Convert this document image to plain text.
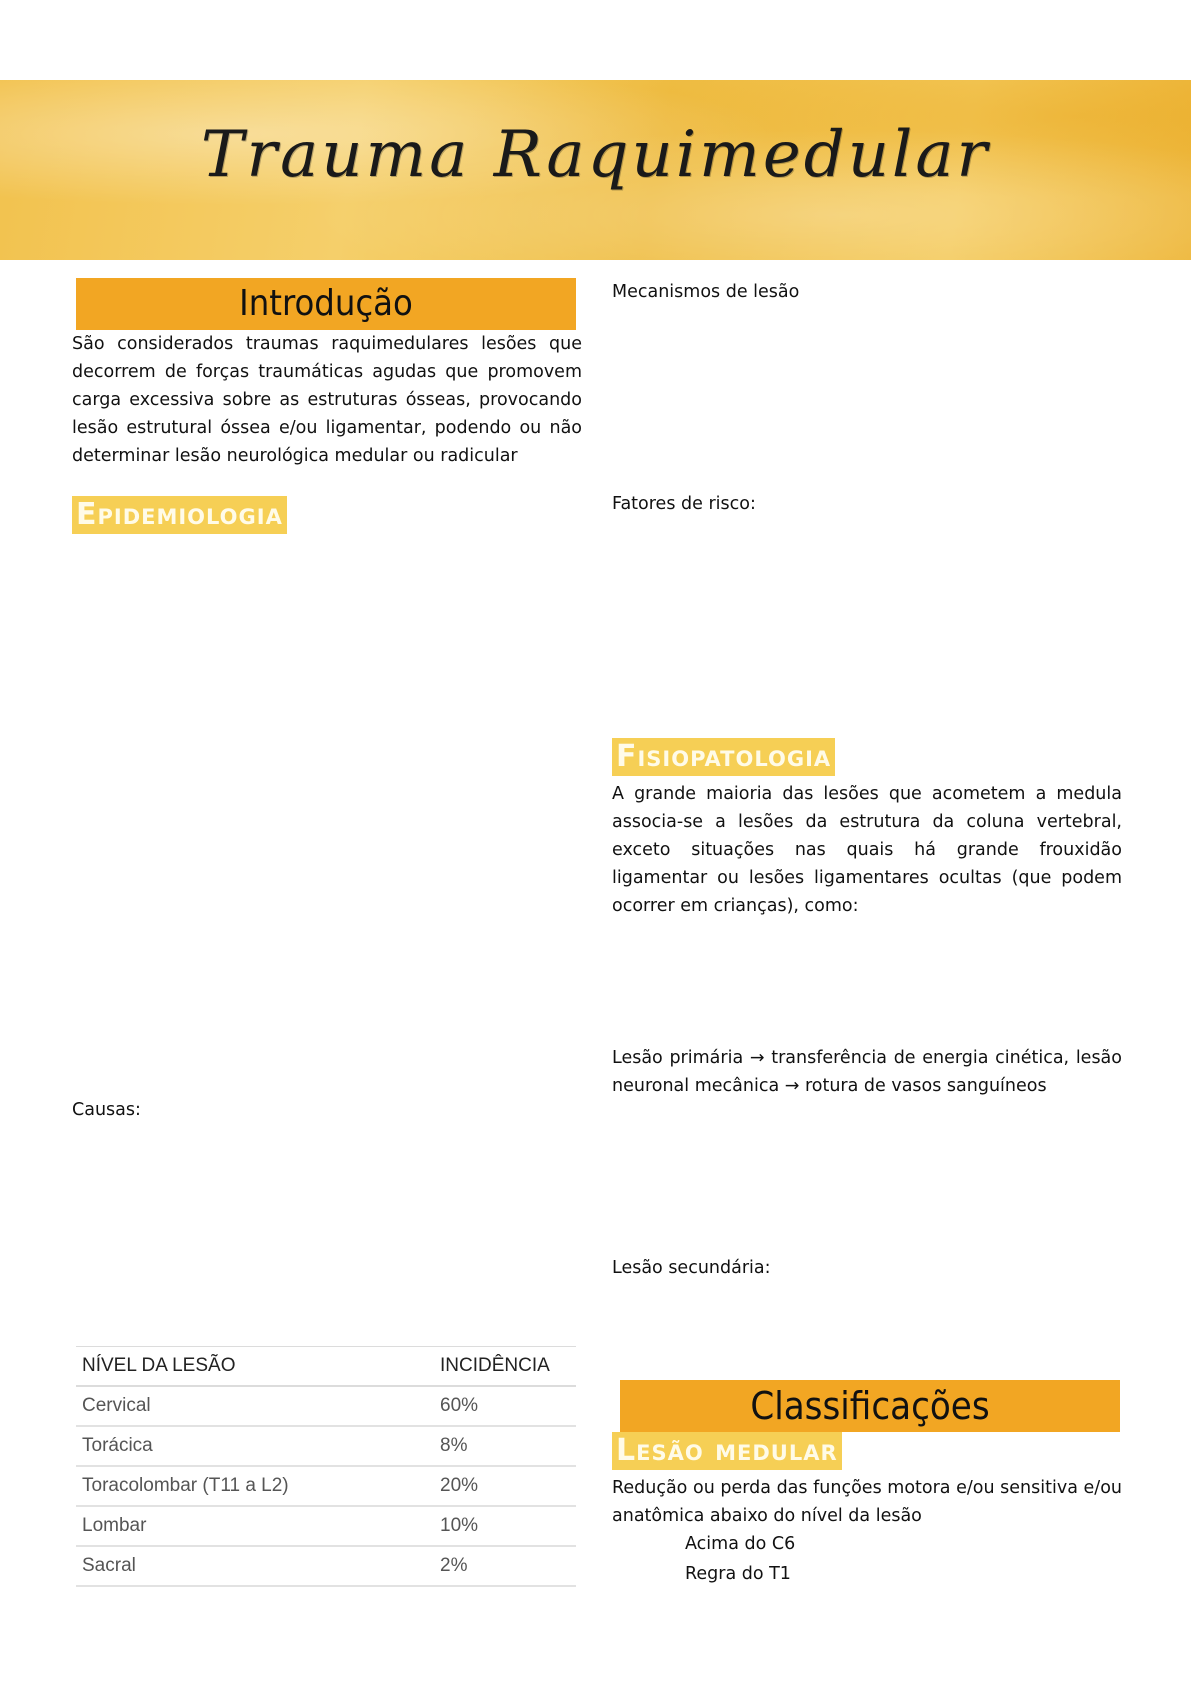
Trauma Raquimedular
Introdução
São considerados traumas raquimedulares lesões que decorrem de forças traumáticas agudas que promovem carga excessiva sobre as estruturas ósseas, provocando lesão estrutural óssea e/ou ligamentar, podendo ou não determinar lesão neurológica medular ou radicular
Epidemiologia
Causas:
NÍVEL DA LESÃO	INCIDÊNCIA
Cervical	60%
Torácica	8%
Toracolombar (T11 a L2)	20%
Lombar	10%
Sacral	2%
Mecanismos de lesão
Fatores de risco:
Fisiopatologia
A grande maioria das lesões que acometem a medula associa-se a lesões da estrutura da coluna vertebral, exceto situações nas quais há grande frouxidão ligamentar ou lesões ligamentares ocultas (que podem ocorrer em crianças), como:
Lesão primária → transferência de energia cinética, lesão neuronal mecânica → rotura de vasos sanguíneos
Lesão secundária:
Classificações
Lesão medular
Redução ou perda das funções motora e/ou sensitiva e/ou anatômica abaixo do nível da lesão
Acima do C6
Regra do T1
